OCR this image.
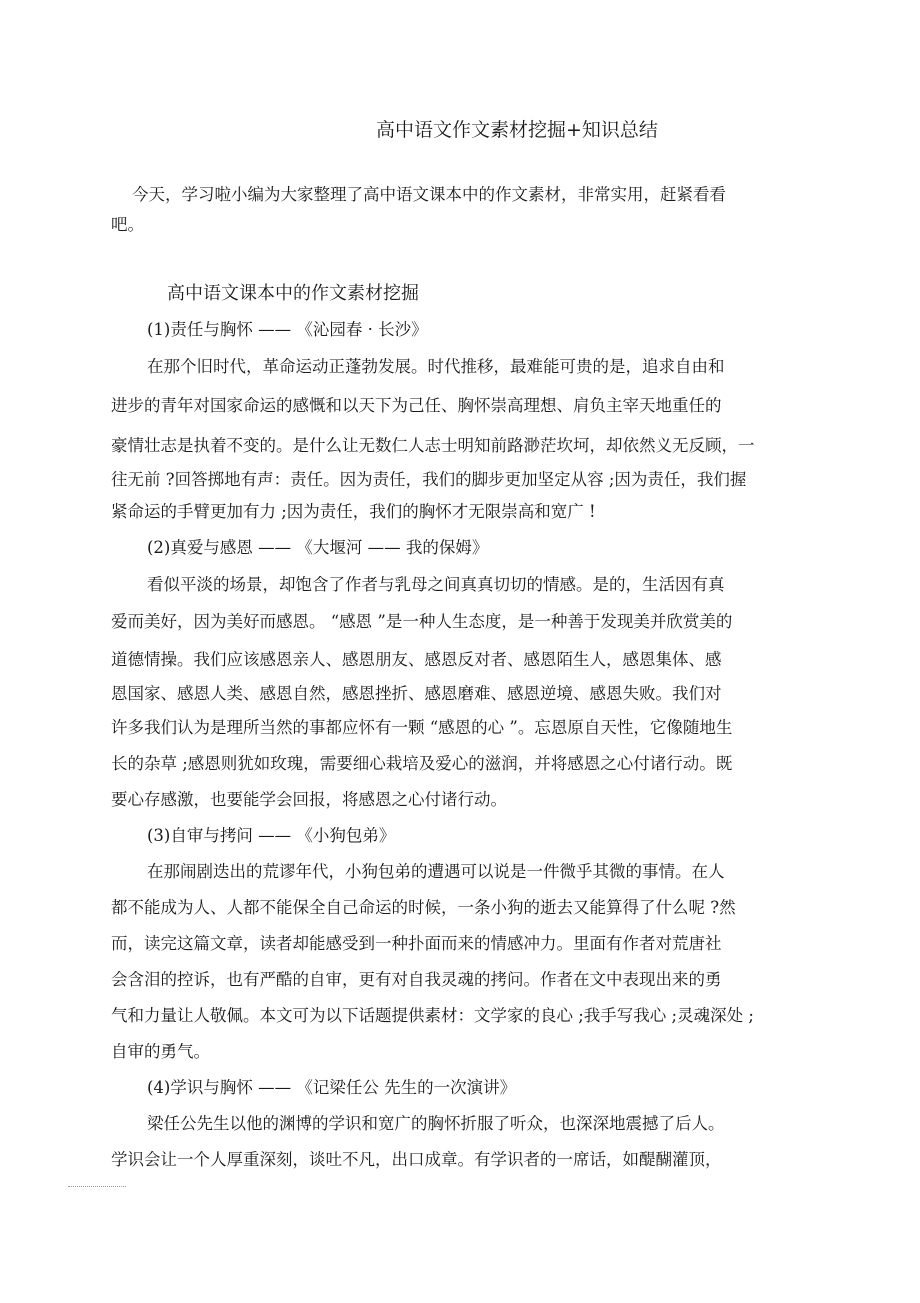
高中语文作文素材挖掘+知识总结
今天，学习啦小编为大家整理了高中语文课本中的作文素材，非常实用，赶紧看看
吧。
高中语文课本中的作文素材挖掘
(1)责任与胸怀 —— 《沁园春 · 长沙》
在那个旧时代，革命运动正蓬勃发展。时代推移，最难能可贵的是，追求自由和
进步的青年对国家命运的感慨和以天下为己任、胸怀崇高理想、肩负主宰天地重任的
豪情壮志是执着不变的。是什么让无数仁人志士明知前路渺茫坎坷，却依然义无反顾，一
往无前 ?回答掷地有声：责任。因为责任，我们的脚步更加坚定从容 ;因为责任，我们握
紧命运的手臂更加有力 ;因为责任，我们的胸怀才无限崇高和宽广 !
(2)真爱与感恩 —— 《大堰河 —— 我的保姆》
看似平淡的场景，却饱含了作者与乳母之间真真切切的情感。是的，生活因有真
爱而美好，因为美好而感恩。 “感恩 ”是一种人生态度，是一种善于发现美并欣赏美的
道德情操。我们应该感恩亲人、感恩朋友、感恩反对者、感恩陌生人，感恩集体、感
恩国家、感恩人类、感恩自然，感恩挫折、感恩磨难、感恩逆境、感恩失败。我们对
许多我们认为是理所当然的事都应怀有一颗 “感恩的心 ”。忘恩原自天性，它像随地生
长的杂草 ;感恩则犹如玫瑰，需要细心栽培及爱心的滋润，并将感恩之心付诸行动。既
要心存感激，也要能学会回报，将感恩之心付诸行动。
(3)自审与拷问 —— 《小狗包弟》
在那闹剧迭出的荒谬年代，小狗包弟的遭遇可以说是一件微乎其微的事情。在人
都不能成为人、人都不能保全自己命运的时候，一条小狗的逝去又能算得了什么呢 ?然
而，读完这篇文章，读者却能感受到一种扑面而来的情感冲力。里面有作者对荒唐社
会含泪的控诉，也有严酷的自审，更有对自我灵魂的拷问。作者在文中表现出来的勇
气和力量让人敬佩。本文可为以下话题提供素材：文学家的良心 ;我手写我心 ;灵魂深处 ;
自审的勇气。
(4)学识与胸怀 —— 《记梁任公 先生的一次演讲》
梁任公先生以他的渊博的学识和宽广的胸怀折服了听众，也深深地震撼了后人。
学识会让一个人厚重深刻，谈吐不凡，出口成章。有学识者的一席话，如醍醐灌顶，
